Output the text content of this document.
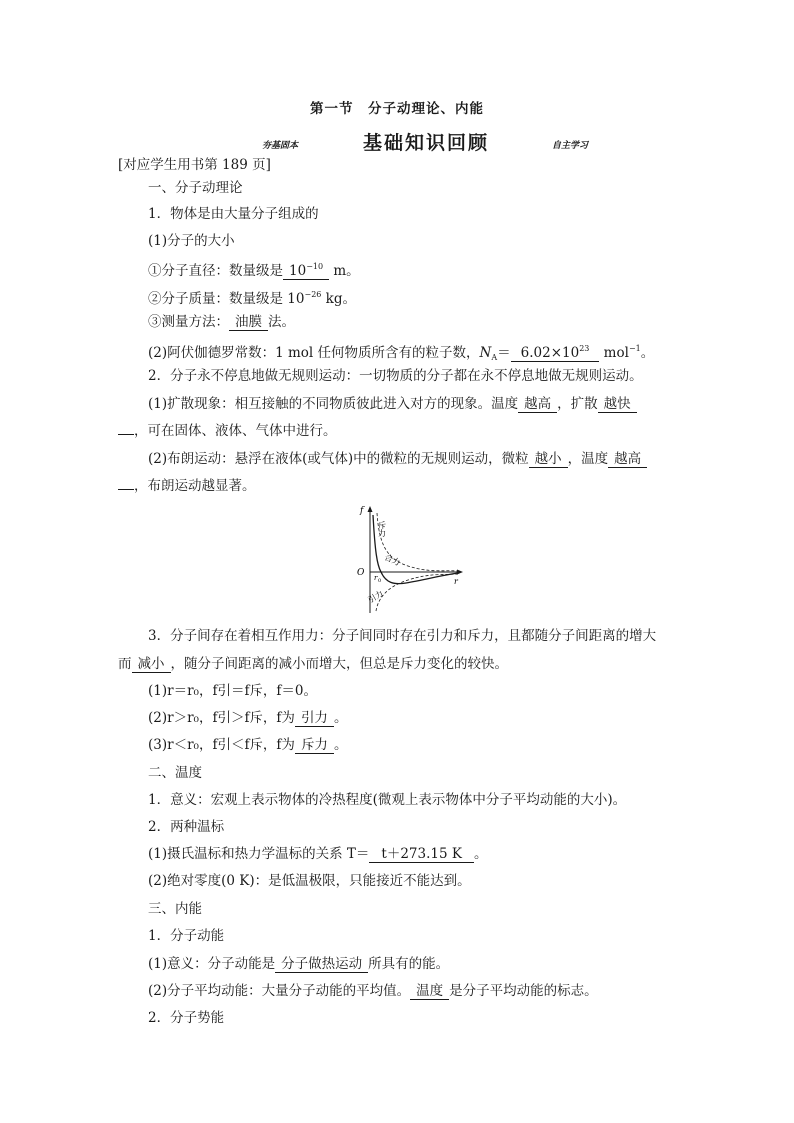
第一节　分子动理论、内能
夯基固本	基础知识回顾	自主学习
[对应学生用书第 189 页]
一、分子动理论
1．物体是由大量分子组成的
(1)分子的大小
①分子直径：数量级是 $10^{-10}$ m。
②分子质量：数量级是 $10^{-26}$ kg。
③测量方法： 油膜 法。
(2)阿伏伽德罗常数：1 mol 任何物质所含有的粒子数，$N_A= 6.02\times 10^{23}$ mol$^{-1}$。
2．分子永不停息地做无规则运动：一切物质的分子都在永不停息地做无规则运动。
(1)扩散现象：相互接触的不同物质彼此进入对方的现象。温度 越高 ，扩散 越快
，可在固体、液体、气体中进行。
(2)布朗运动：悬浮在液体(或气体)中的微粒的无规则运动，微粒 越小 ，温度 越高
，布朗运动越显著。
f
O
r
r 0
斥力
合力
引力
3．分子间存在着相互作用力：分子间同时存在引力和斥力，且都随分子间距离的增大
而 减小 ，随分子间距离的减小而增大，但总是斥力变化的较快。
(1)r＝r₀，f引＝f斥，f＝0。
(2)r＞r₀，f引＞f斥，f为 引力 。
(3)r＜r₀，f引＜f斥，f为 斥力 。
二、温度
1．意义：宏观上表示物体的冷热程度(微观上表示物体中分子平均动能的大小)。
2．两种温标
(1)摄氏温标和热力学温标的关系 T＝ t＋273.15 K 。
(2)绝对零度(0 K)：是低温极限，只能接近不能达到。
三、内能
1．分子动能
(1)意义：分子动能是 分子做热运动 所具有的能。
(2)分子平均动能：大量分子动能的平均值。 温度 是分子平均动能的标志。
2．分子势能
